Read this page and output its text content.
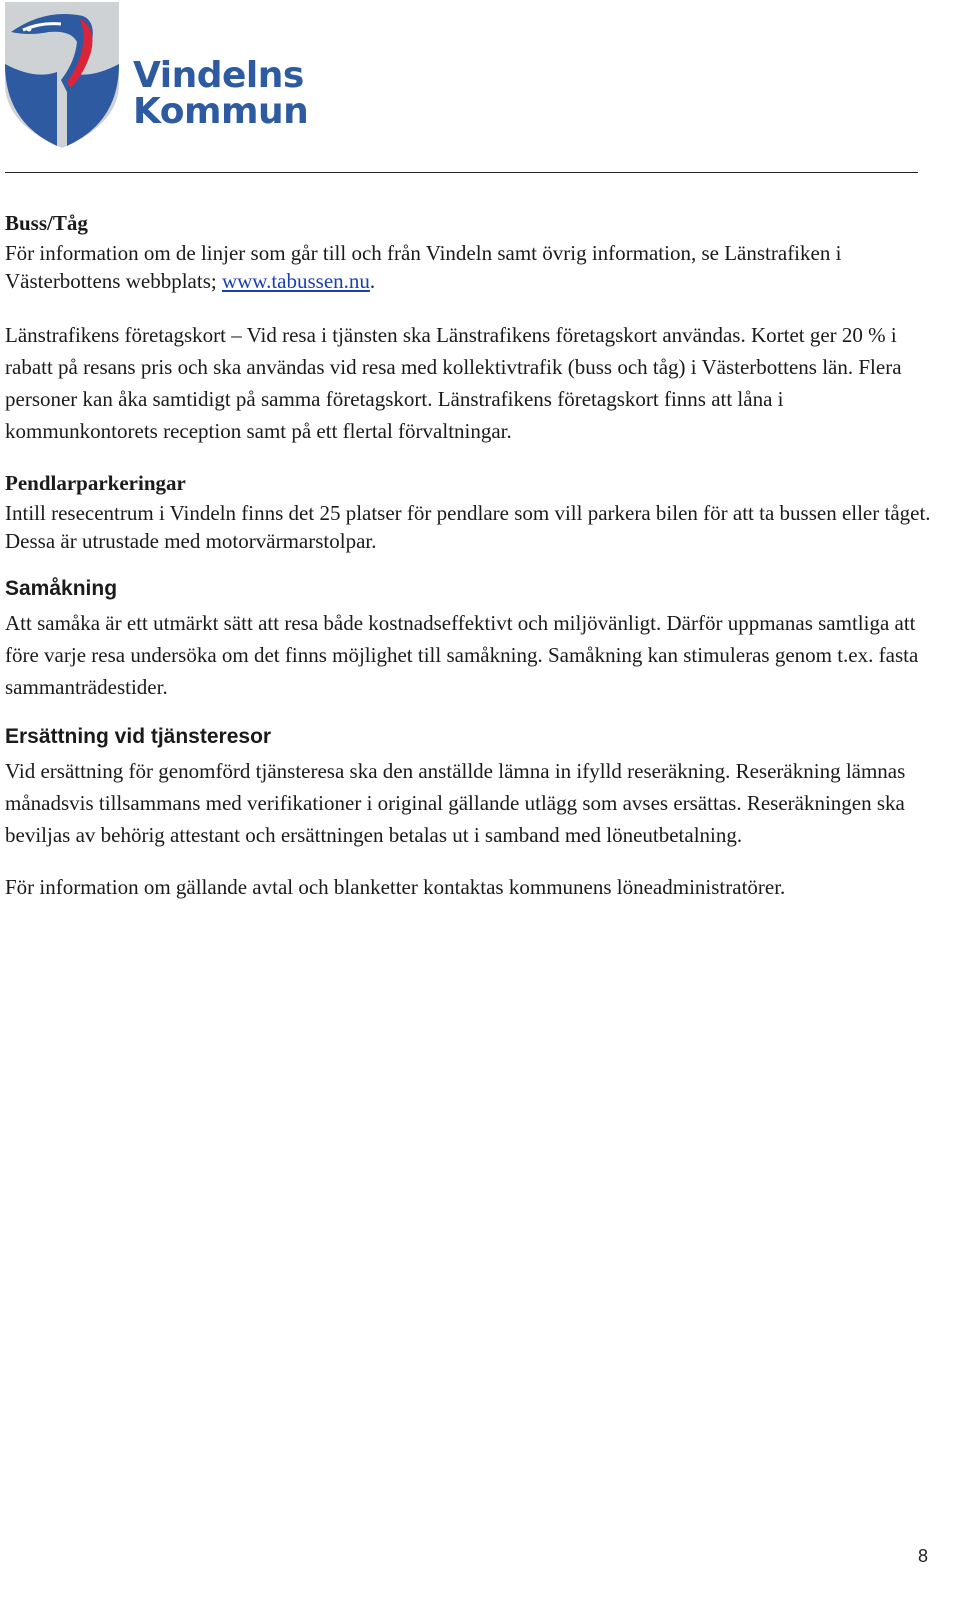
Vindelns
Kommun
Buss/Tåg

För information om de linjer som går till och från Vindeln samt övrig information, se Länstrafiken i Västerbottens webbplats; www.tabussen.nu.

Länstrafikens företagskort – Vid resa i tjänsten ska Länstrafikens företagskort användas. Kortet ger 20 % i rabatt på resans pris och ska användas vid resa med kollektivtrafik (buss och tåg) i Västerbottens län. Flera personer kan åka samtidigt på samma företagskort. Länstrafikens företagskort finns att låna i kommunkontorets reception samt på ett flertal förvaltningar.

Pendlarparkeringar

Intill resecentrum i Vindeln finns det 25 platser för pendlare som vill parkera bilen för att ta bussen eller tåget. Dessa är utrustade med motorvärmarstolpar.

Samåkning

Att samåka är ett utmärkt sätt att resa både kostnadseffektivt och miljövänligt. Därför uppmanas samtliga att före varje resa undersöka om det finns möjlighet till samåkning. Samåkning kan stimuleras genom t.ex. fasta sammanträdestider.

Ersättning vid tjänsteresor

Vid ersättning för genomförd tjänsteresa ska den anställde lämna in ifylld reseräkning. Reseräkning lämnas månadsvis tillsammans med verifikationer i original gällande utlägg som avses ersättas. Reseräkningen ska beviljas av behörig attestant och ersättningen betalas ut i samband med löneutbetalning.

För information om gällande avtal och blanketter kontaktas kommunens löneadministratörer.

8
